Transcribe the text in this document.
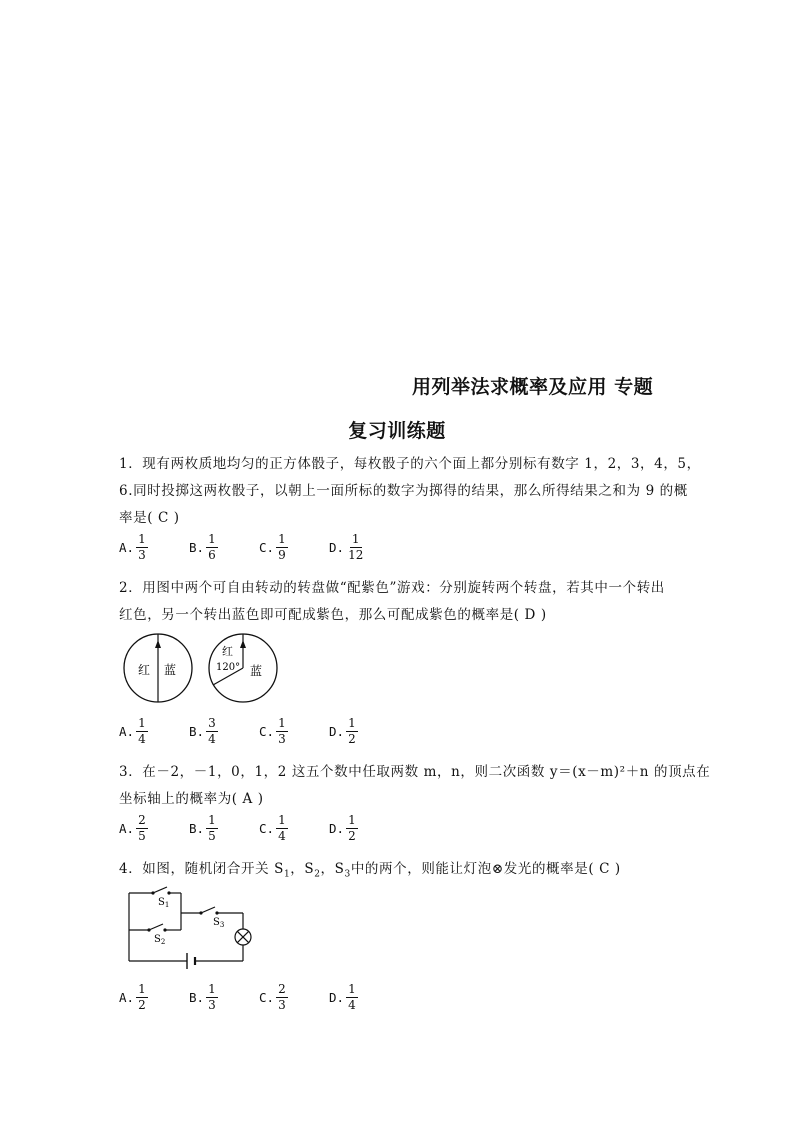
用列举法求概率及应用 专题
复习训练题
1．现有两枚质地均匀的正方体骰子，每枚骰子的六个面上都分别标有数字 1，2，3，4，5，
6.同时投掷这两枚骰子，以朝上一面所标的数字为掷得的结果，那么所得结果之和为 9 的概
率是( C )
A. $\frac{1}{3}$	B. $\frac{1}{6}$	C. $\frac{1}{9}$	D. $\frac{1}{12}$
2．用图中两个可自由转动的转盘做“配紫色”游戏：分别旋转两个转盘，若其中一个转出
红色，另一个转出蓝色即可配成紫色，那么可配成紫色的概率是( D )
红 蓝
红
120° 蓝
A. $\frac{1}{4}$	B. $\frac{3}{4}$	C. $\frac{1}{3}$	D. $\frac{1}{2}$
3．在－2，－1，0，1，2 这五个数中任取两数 m，n，则二次函数 y＝(x－m)²＋n 的顶点在
坐标轴上的概率为( A )
A. $\frac{2}{5}$	B. $\frac{1}{5}$	C. $\frac{1}{4}$	D. $\frac{1}{2}$
4．如图，随机闭合开关 $S_1$，$S_2$，$S_3$中的两个，则能让灯泡⊗发光的概率是( C )
$S_1$
$S_2$
$S_3$
A. $\frac{1}{2}$	B. $\frac{1}{3}$	C. $\frac{2}{3}$	D. $\frac{1}{4}$
